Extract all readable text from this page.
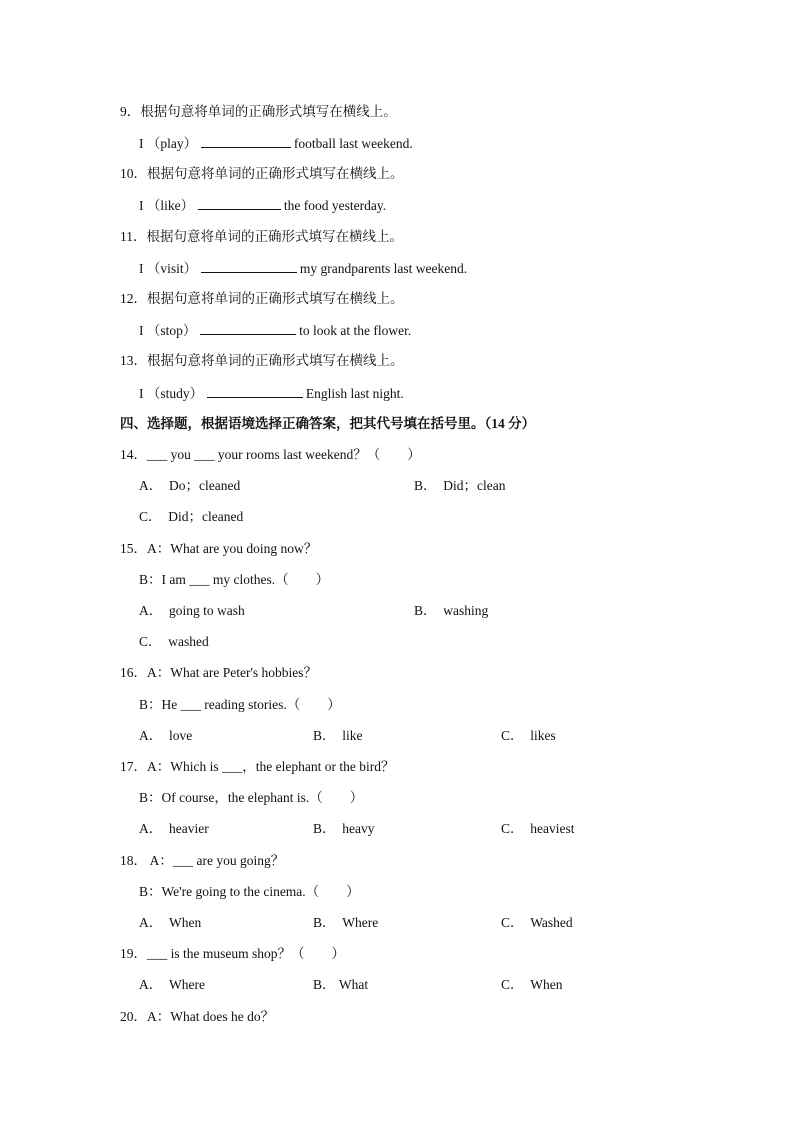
9．根据句意将单词的正确形式填写在横线上。
I （play）	football last weekend.
10．根据句意将单词的正确形式填写在横线上。
I （like）	the food yesterday.
11．根据句意将单词的正确形式填写在横线上。
I （visit）	my grandparents last weekend.
12．根据句意将单词的正确形式填写在横线上。
I （stop）	to look at the flower.
13．根据句意将单词的正确形式填写在横线上。
I （study）	English last night.
四、选择题，根据语境选择正确答案，把其代号填在括号里。（14 分）
14．___ you ___ your rooms last weekend？（　　）
A． Do；cleaned	B． Did；clean
C． Did；cleaned
15．A：What are you doing now？
B：I am ___ my clothes.（　　）
A． going to wash	B． washing
C． washed
16．A：What are Peter's hobbies？
B：He ___ reading stories.（　　）
A． love	B． like	C． likes
17．A：Which is ___，the elephant or the bird？
B：Of course，the elephant is.（　　）
A． heavier	B． heavy	C． heaviest
18． A：___ are you going？
B：We're going to the cinema.（　　）
A． When	B． Where	C． Washed
19．___ is the museum shop？（　　）
A． Where	B． What	C． When
20．A：What does he do？
